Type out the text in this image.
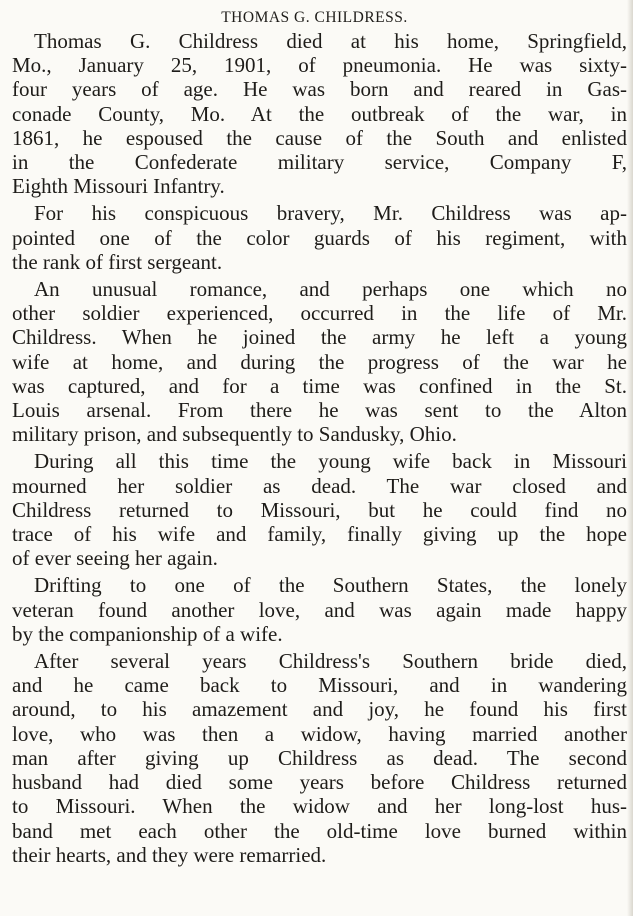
THOMAS G. CHILDRESS.
Thomas G. Childress died at his home, Springfield,
Mo., January 25, 1901, of pneumonia. He was sixty-
four years of age. He was born and reared in Gas-
conade County, Mo. At the outbreak of the war, in
1861, he espoused the cause of the South and enlisted
in the Confederate military service, Company F,
Eighth Missouri Infantry.
For his conspicuous bravery, Mr. Childress was ap-
pointed one of the color guards of his regiment, with
the rank of first sergeant.
An unusual romance, and perhaps one which no
other soldier experienced, occurred in the life of Mr.
Childress. When he joined the army he left a young
wife at home, and during the progress of the war he
was captured, and for a time was confined in the St.
Louis arsenal. From there he was sent to the Alton
military prison, and subsequently to Sandusky, Ohio.
During all this time the young wife back in Missouri
mourned her soldier as dead. The war closed and
Childress returned to Missouri, but he could find no
trace of his wife and family, finally giving up the hope
of ever seeing her again.
Drifting to one of the Southern States, the lonely
veteran found another love, and was again made happy
by the companionship of a wife.
After several years Childress's Southern bride died,
and he came back to Missouri, and in wandering
around, to his amazement and joy, he found his first
love, who was then a widow, having married another
man after giving up Childress as dead. The second
husband had died some years before Childress returned
to Missouri. When the widow and her long-lost hus-
band met each other the old-time love burned within
their hearts, and they were remarried.
